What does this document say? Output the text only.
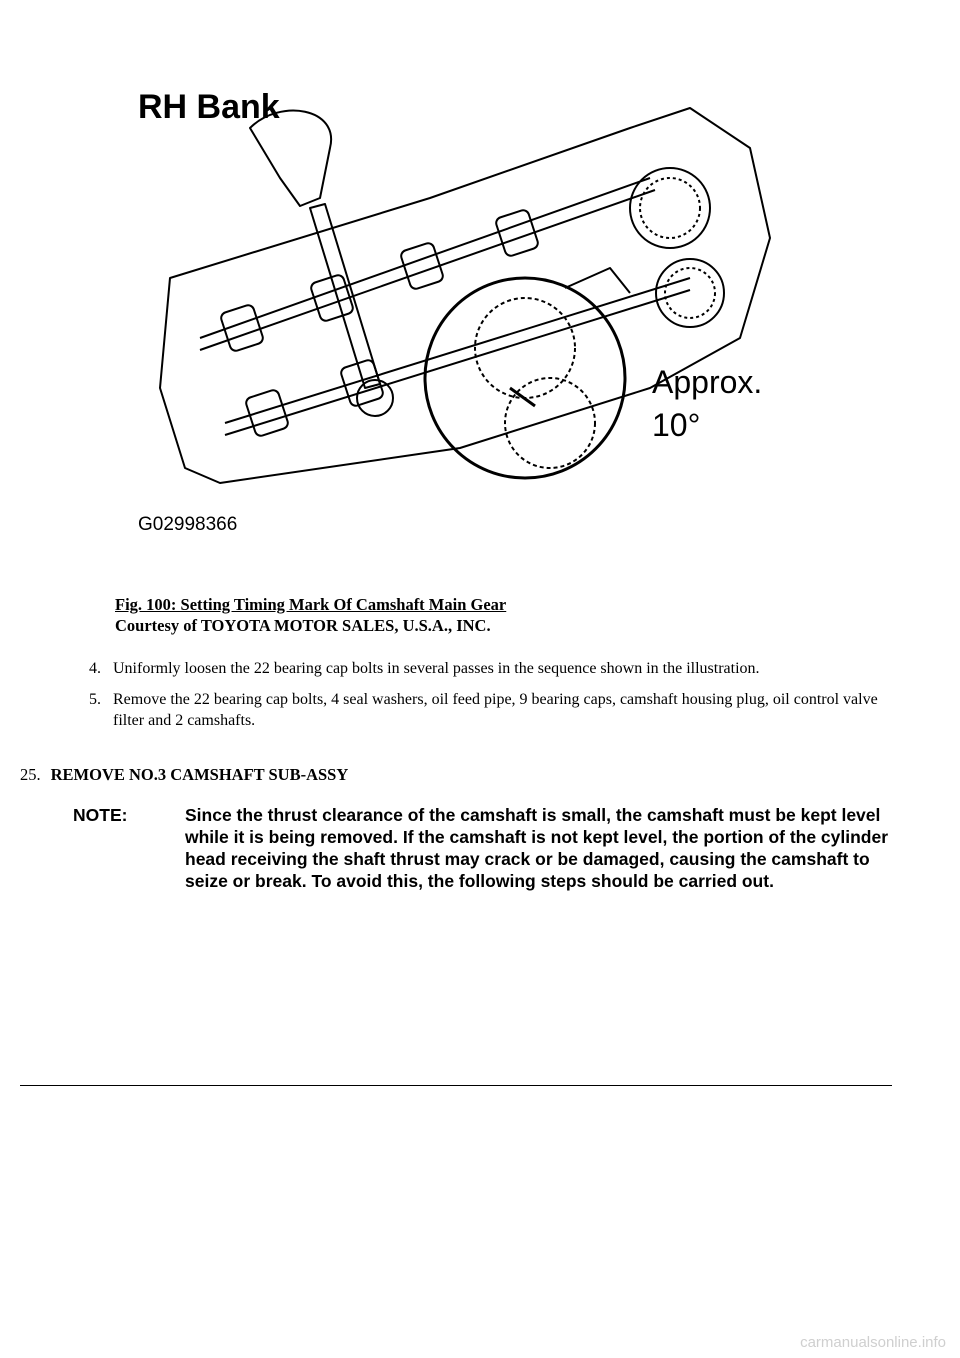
RH Bank
Approx.
10°
G02998366
Fig. 100: Setting Timing Mark Of Camshaft Main Gear
Courtesy of TOYOTA MOTOR SALES, U.S.A., INC.
4. Uniformly loosen the 22 bearing cap bolts in several passes in the sequence shown in the illustration.
5. Remove the 22 bearing cap bolts, 4 seal washers, oil feed pipe, 9 bearing caps, camshaft housing plug, oil control valve filter and 2 camshafts.
25. REMOVE NO.3 CAMSHAFT SUB-ASSY
NOTE:	Since the thrust clearance of the camshaft is small, the camshaft must be kept level while it is being removed. If the camshaft is not kept level, the portion of the cylinder head receiving the shaft thrust may crack or be damaged, causing the camshaft to seize or break. To avoid this, the following steps should be carried out.
carmanualsonline.info
